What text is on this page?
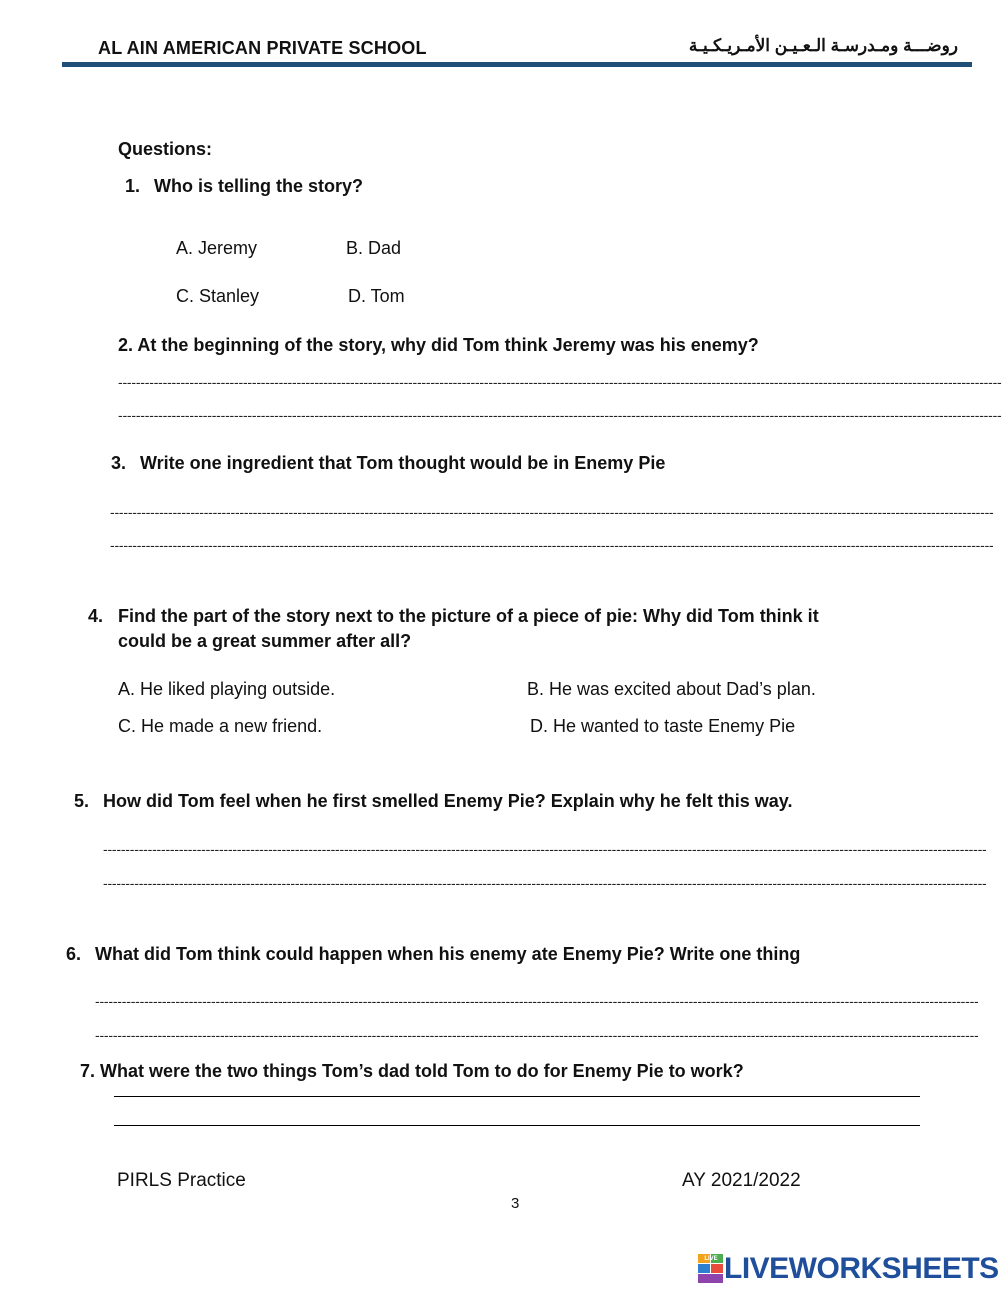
AL AIN AMERICAN PRIVATE SCHOOL	روضـــة ومـدرسـة الـعـيـن الأمـريـكـيـة
Questions:
1. Who is telling the story?
A. Jeremy	B. Dad
C. Stanley	D. Tom
2. At the beginning of the story, why did Tom think Jeremy was his enemy?
------------------------------------------------------------------------------------------------------------------------------------------------------------------------------------------------------
------------------------------------------------------------------------------------------------------------------------------------------------------------------------------------------------------
3. Write one ingredient that Tom thought would be in Enemy Pie
------------------------------------------------------------------------------------------------------------------------------------------------------------------------------------------------------
------------------------------------------------------------------------------------------------------------------------------------------------------------------------------------------------------
4. Find the part of the story next to the picture of a piece of pie: Why did Tom think it
could be a great summer after all?
A. He liked playing outside.	B. He was excited about Dad’s plan.
C. He made a new friend.	D. He wanted to taste Enemy Pie
5. How did Tom feel when he first smelled Enemy Pie? Explain why he felt this way.
------------------------------------------------------------------------------------------------------------------------------------------------------------------------------------------------------
------------------------------------------------------------------------------------------------------------------------------------------------------------------------------------------------------
6. What did Tom think could happen when his enemy ate Enemy Pie? Write one thing
------------------------------------------------------------------------------------------------------------------------------------------------------------------------------------------------------
------------------------------------------------------------------------------------------------------------------------------------------------------------------------------------------------------
7. What were the two things Tom’s dad told Tom to do for Enemy Pie to work?
PIRLS Practice	AY 2021/2022
3
LIVEWORKSHEETS
LIVE
